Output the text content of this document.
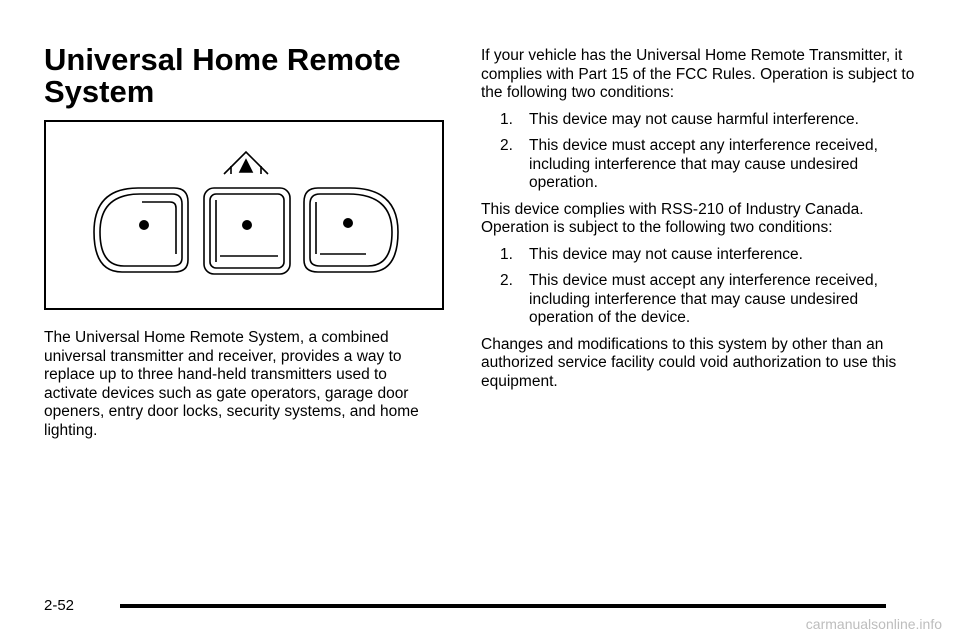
Universal Home Remote System

The Universal Home Remote System, a combined universal transmitter and receiver, provides a way to replace up to three hand-held transmitters used to activate devices such as gate operators, garage door openers, entry door locks, security systems, and home lighting.

If your vehicle has the Universal Home Remote Transmitter, it complies with Part 15 of the FCC Rules. Operation is subject to the following two conditions:

1. This device may not cause harmful interference.
2. This device must accept any interference received, including interference that may cause undesired operation.

This device complies with RSS-210 of Industry Canada. Operation is subject to the following two conditions:

1. This device may not cause interference.
2. This device must accept any interference received, including interference that may cause undesired operation of the device.

Changes and modifications to this system by other than an authorized service facility could void authorization to use this equipment.

2-52
carmanualsonline.info
